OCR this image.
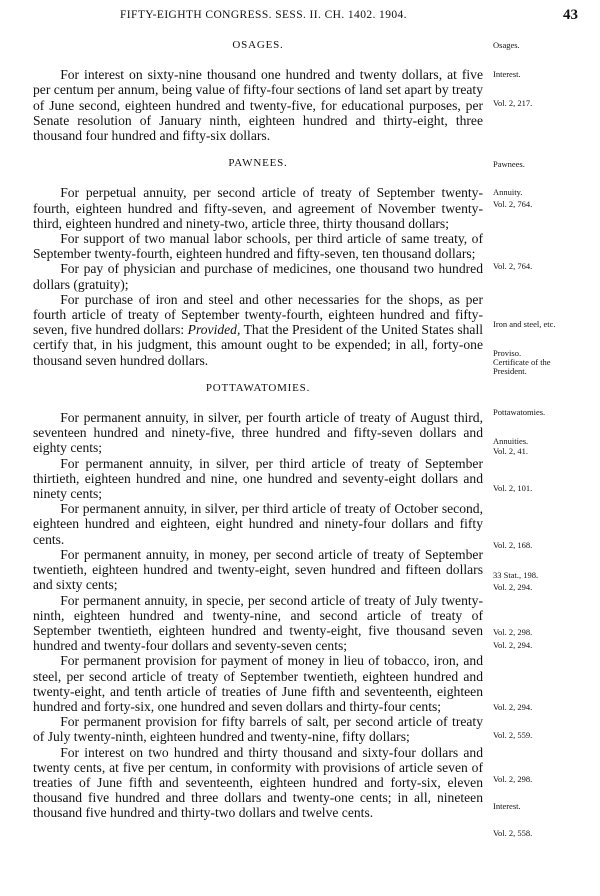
FIFTY-EIGHTH CONGRESS. SESS. II. CH. 1402. 1904.	43

OSAGES.

For interest on sixty-nine thousand one hundred and twenty dollars, at five per centum per annum, being value of fifty-four sections of land set apart by treaty of June second, eighteen hundred and twenty-five, for educational purposes, per Senate resolution of January ninth, eighteen hundred and thirty-eight, three thousand four hundred and fifty-six dollars.

PAWNEES.

For perpetual annuity, per second article of treaty of September twenty-fourth, eighteen hundred and fifty-seven, and agreement of November twenty-third, eighteen hundred and ninety-two, article three, thirty thousand dollars;

For support of two manual labor schools, per third article of same treaty, of September twenty-fourth, eighteen hundred and fifty-seven, ten thousand dollars;

For pay of physician and purchase of medicines, one thousand two hundred dollars (gratuity);

For purchase of iron and steel and other necessaries for the shops, as per fourth article of treaty of September twenty-fourth, eighteen hundred and fifty-seven, five hundred dollars: Provided, That the President of the United States shall certify that, in his judgment, this amount ought to be expended; in all, forty-one thousand seven hundred dollars.

POTTAWATOMIES.

For permanent annuity, in silver, per fourth article of treaty of August third, seventeen hundred and ninety-five, three hundred and fifty-seven dollars and eighty cents;

For permanent annuity, in silver, per third article of treaty of September thirtieth, eighteen hundred and nine, one hundred and seventy-eight dollars and ninety cents;

For permanent annuity, in silver, per third article of treaty of October second, eighteen hundred and eighteen, eight hundred and ninety-four dollars and fifty cents.

For permanent annuity, in money, per second article of treaty of September twentieth, eighteen hundred and twenty-eight, seven hundred and fifteen dollars and sixty cents;

For permanent annuity, in specie, per second article of treaty of July twenty-ninth, eighteen hundred and twenty-nine, and second article of treaty of September twentieth, eighteen hundred and twenty-eight, five thousand seven hundred and twenty-four dollars and seventy-seven cents;

For permanent provision for payment of money in lieu of tobacco, iron, and steel, per second article of treaty of September twentieth, eighteen hundred and twenty-eight, and tenth article of treaties of June fifth and seventeenth, eighteen hundred and forty-six, one hundred and seven dollars and thirty-four cents;

For permanent provision for fifty barrels of salt, per second article of treaty of July twenty-ninth, eighteen hundred and twenty-nine, fifty dollars;

For interest on two hundred and thirty thousand and sixty-four dollars and twenty cents, at five per centum, in conformity with provisions of article seven of treaties of June fifth and seventeenth, eighteen hundred and forty-six, eleven thousand five hundred and three dollars and twenty-one cents; in all, nineteen thousand five hundred and thirty-two dollars and twelve cents.

Osages.
Interest.
Vol. 2, 217.
Pawnees.
Annuity.
Vol. 2, 764.
Vol. 2, 764.
Iron and steel, etc.
Proviso.
Certificate of the
President.
Pottawatomies.
Annuities.
Vol. 2, 41.
Vol. 2, 101.
Vol. 2, 168.
33 Stat., 198.
Vol. 2, 294.
Vol. 2, 298.
Vol. 2, 294.
Vol. 2, 294.
Vol. 2, 559.
Vol. 2, 298.
Interest.
Vol. 2, 558.
